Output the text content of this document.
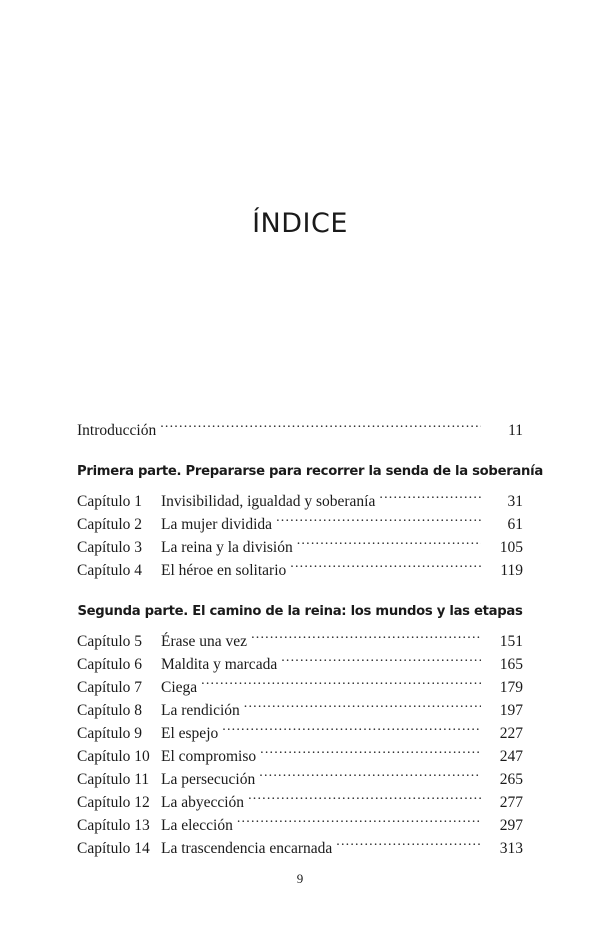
ÍNDICE
Introducción .....	11
Primera parte. Prepararse para recorrer la senda de la soberanía
Capítulo 1	Invisibilidad, igualdad y soberanía .....	31
Capítulo 2	La mujer dividida .....	61
Capítulo 3	La reina y la división .....	105
Capítulo 4	El héroe en solitario .....	119
Segunda parte. El camino de la reina: los mundos y las etapas
Capítulo 5	Érase una vez .....	151
Capítulo 6	Maldita y marcada .....	165
Capítulo 7	Ciega .....	179
Capítulo 8	La rendición .....	197
Capítulo 9	El espejo .....	227
Capítulo 10 El compromiso .....	247
Capítulo 11 La persecución .....	265
Capítulo 12 La abyección .....	277
Capítulo 13 La elección .....	297
Capítulo 14 La trascendencia encarnada .....	313
9
